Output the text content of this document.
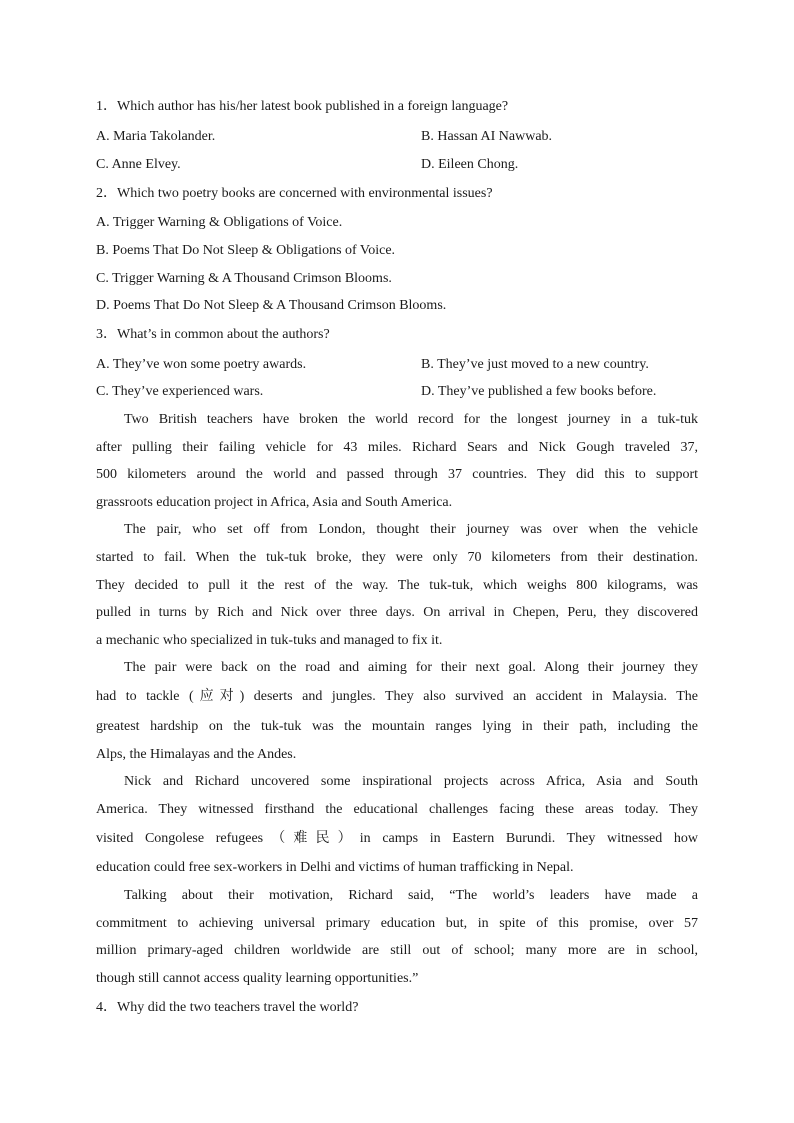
1．Which author has his/her latest book published in a foreign language?
A. Maria Takolander.	B. Hassan AI Nawwab.
C. Anne Elvey.	D. Eileen Chong.
2．Which two poetry books are concerned with environmental issues?
A. Trigger Warning & Obligations of Voice.
B. Poems That Do Not Sleep & Obligations of Voice.
C. Trigger Warning & A Thousand Crimson Blooms.
D. Poems That Do Not Sleep & A Thousand Crimson Blooms.
3．What’s in common about the authors?
A. They’ve won some poetry awards.	B. They’ve just moved to a new country.
C. They’ve experienced wars.	D. They’ve published a few books before.
Two British teachers have broken the world record for the longest journey in a tuk-tuk
after pulling their failing vehicle for 43 miles. Richard Sears and Nick Gough traveled 37,
500 kilometers around the world and passed through 37 countries. They did this to support
grassroots education project in Africa, Asia and South America.
The pair, who set off from London, thought their journey was over when the vehicle
started to fail. When the tuk-tuk broke, they were only 70 kilometers from their destination.
They decided to pull it the rest of the way. The tuk-tuk, which weighs 800 kilograms, was
pulled in turns by Rich and Nick over three days. On arrival in Chepen, Peru, they discovered
a mechanic who specialized in tuk-tuks and managed to fix it.
The pair were back on the road and aiming for their next goal. Along their journey they
had to tackle (应对) deserts and jungles. They also survived an accident in Malaysia. The
greatest hardship on the tuk-tuk was the mountain ranges lying in their path, including the
Alps, the Himalayas and the Andes.
Nick and Richard uncovered some inspirational projects across Africa, Asia and South
America. They witnessed firsthand the educational challenges facing these areas today. They
visited Congolese refugees（难民）in camps in Eastern Burundi. They witnessed how
education could free sex-workers in Delhi and victims of human trafficking in Nepal.
Talking about their motivation, Richard said, “The world’s leaders have made a
commitment to achieving universal primary education but, in spite of this promise, over 57
million primary-aged children worldwide are still out of school; many more are in school,
though still cannot access quality learning opportunities.”
4．Why did the two teachers travel the world?
